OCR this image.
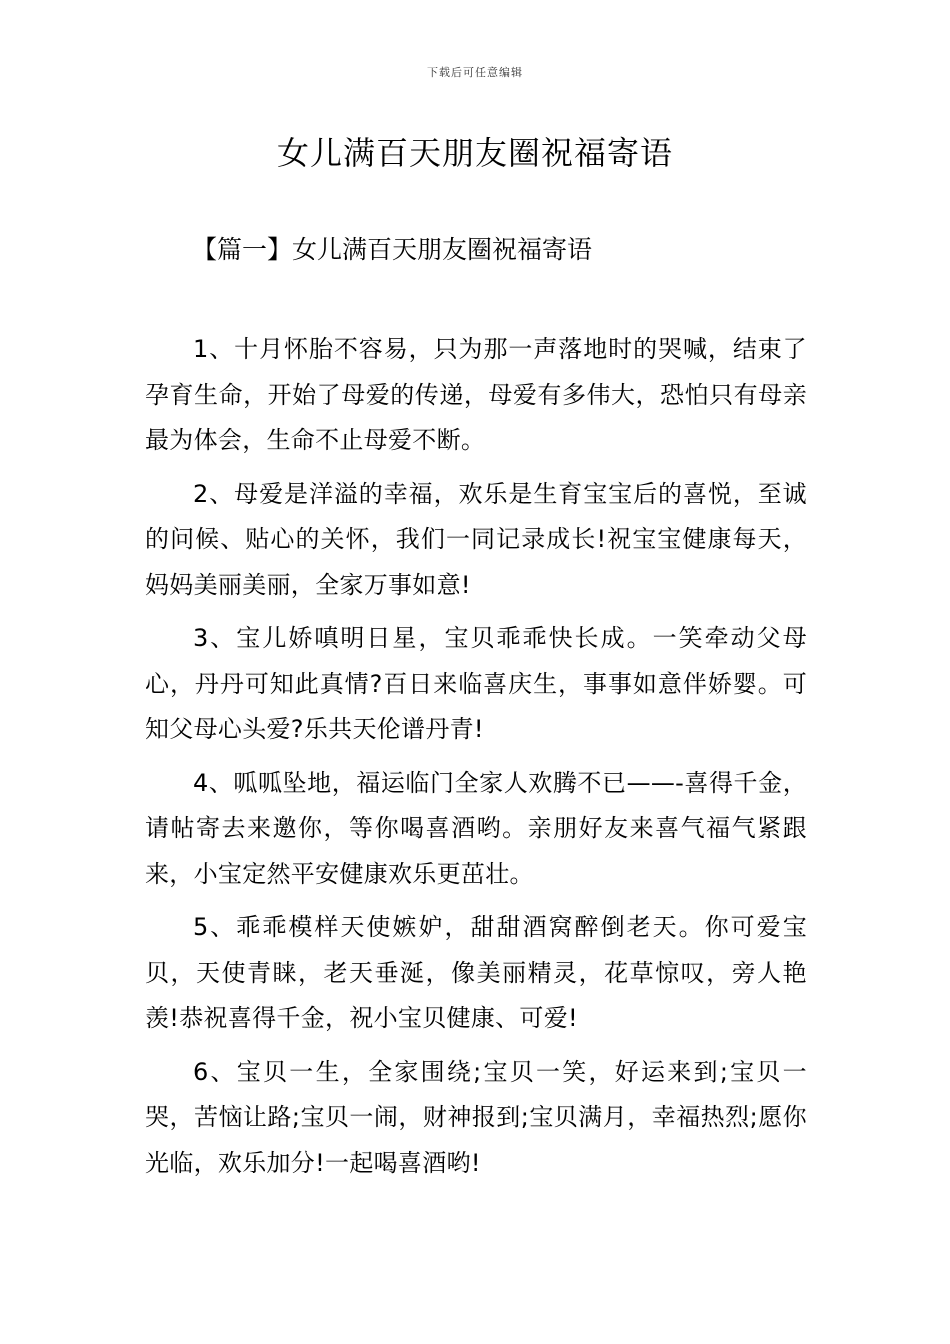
下载后可任意编辑
女儿满百天朋友圈祝福寄语
【篇一】女儿满百天朋友圈祝福寄语

1、十月怀胎不容易，只为那一声落地时的哭喊，结束了孕育生命，开始了母爱的传递，母爱有多伟大，恐怕只有母亲最为体会，生命不止母爱不断。

2、母爱是洋溢的幸福，欢乐是生育宝宝后的喜悦，至诚的问候、贴心的关怀，我们一同记录成长!祝宝宝健康每天，妈妈美丽美丽，全家万事如意!

3、宝儿娇嗔明日星，宝贝乖乖快长成。一笑牵动父母心，丹丹可知此真情?百日来临喜庆生，事事如意伴娇婴。可知父母心头爱?乐共天伦谱丹青!

4、呱呱坠地，福运临门全家人欢腾不已——-喜得千金，请帖寄去来邀你，等你喝喜酒哟。亲朋好友来喜气福气紧跟来，小宝定然平安健康欢乐更茁壮。

5、乖乖模样天使嫉妒，甜甜酒窝醉倒老天。你可爱宝贝，天使青睐，老天垂涎，像美丽精灵，花草惊叹，旁人艳羡!恭祝喜得千金，祝小宝贝健康、可爱!

6、宝贝一生，全家围绕;宝贝一笑，好运来到;宝贝一哭，苦恼让路;宝贝一闹，财神报到;宝贝满月，幸福热烈;愿你光临，欢乐加分!一起喝喜酒哟!
